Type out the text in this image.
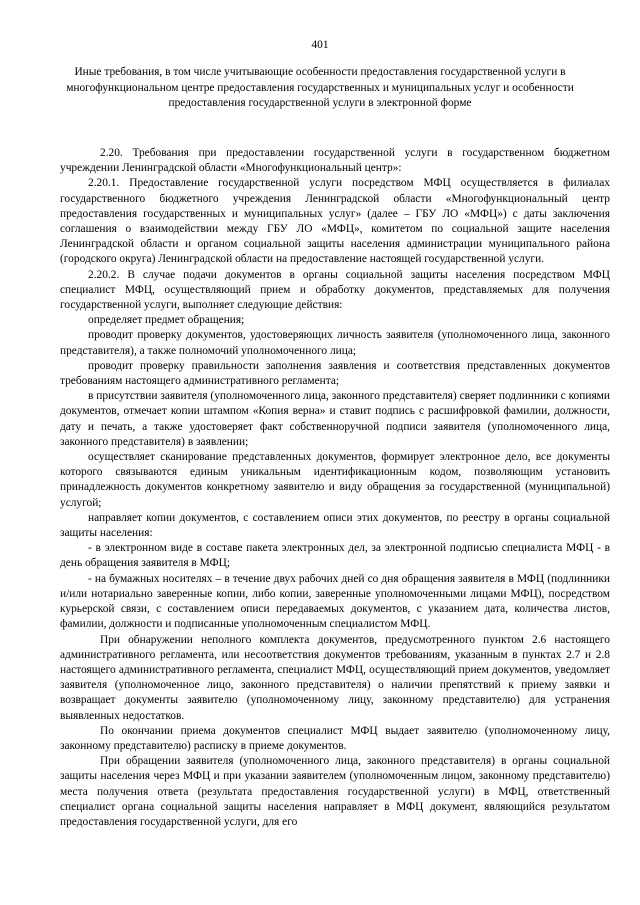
401
Иные требования, в том числе учитывающие особенности предоставления государственной услуги в многофункциональном центре предоставления государственных и муниципальных услуг и особенности предоставления государственной услуги в электронной форме

2.20. Требования при предоставлении государственной услуги в государственном бюджетном учреждении Ленинградской области «Многофункциональный центр»:

2.20.1. Предоставление государственной услуги посредством МФЦ осуществляется в филиалах государственного бюджетного учреждения Ленинградской области «Многофункциональный центр предоставления государственных и муниципальных услуг» (далее – ГБУ ЛО «МФЦ») с даты заключения соглашения о взаимодействии между ГБУ ЛО «МФЦ», комитетом по социальной защите населения Ленинградской области и органом социальной защиты населения администрации муниципального района (городского округа) Ленинградской области на предоставление настоящей государственной услуги.

2.20.2. В случае подачи документов в органы социальной защиты населения посредством МФЦ специалист МФЦ, осуществляющий прием и обработку документов, представляемых для получения государственной услуги, выполняет следующие действия:

определяет предмет обращения;

проводит проверку документов, удостоверяющих личность заявителя (уполномоченного лица, законного представителя), а также полномочий уполномоченного лица;

проводит проверку правильности заполнения заявления и соответствия представленных документов требованиям настоящего административного регламента;

в присутствии заявителя (уполномоченного лица, законного представителя) сверяет подлинники с копиями документов, отмечает копии штампом «Копия верна» и ставит подпись с расшифровкой фамилии, должности, дату и печать, а также удостоверяет факт собственноручной подписи заявителя (уполномоченного лица, законного представителя) в заявлении;

осуществляет сканирование представленных документов, формирует электронное дело, все документы которого связываются единым уникальным идентификационным кодом, позволяющим установить принадлежность документов конкретному заявителю и виду обращения за государственной (муниципальной) услугой;

направляет копии документов, с составлением описи этих документов, по реестру в органы социальной защиты населения:

- в электронном виде в составе пакета электронных дел, за электронной подписью специалиста МФЦ - в день обращения заявителя в МФЦ;

- на бумажных носителях – в течение двух рабочих дней со дня обращения заявителя в МФЦ (подлинники и/или нотариально заверенные копии, либо копии, заверенные уполномоченными лицами МФЦ), посредством курьерской связи, с составлением описи передаваемых документов, с указанием дата, количества листов, фамилии, должности и подписанные уполномоченным специалистом МФЦ.

При обнаружении неполного комплекта документов, предусмотренного пунктом 2.6 настоящего административного регламента, или несоответствия документов требованиям, указанным в пунктах 2.7 и 2.8 настоящего административного регламента, специалист МФЦ, осуществляющий прием документов, уведомляет заявителя (уполномоченное лицо, законного представителя) о наличии препятствий к приему заявки и возвращает документы заявителю (уполномоченному лицу, законному представителю) для устранения выявленных недостатков.

По окончании приема документов специалист МФЦ выдает заявителю (уполномоченному лицу, законному представителю) расписку в приеме документов.

При обращении заявителя (уполномоченного лица, законного представителя) в органы социальной защиты населения через МФЦ и при указании заявителем (уполномоченным лицом, законному представителю) места получения ответа (результата предоставления государственной услуги) в МФЦ, ответственный специалист органа социальной защиты населения направляет в МФЦ документ, являющийся результатом предоставления государственной услуги, для его
